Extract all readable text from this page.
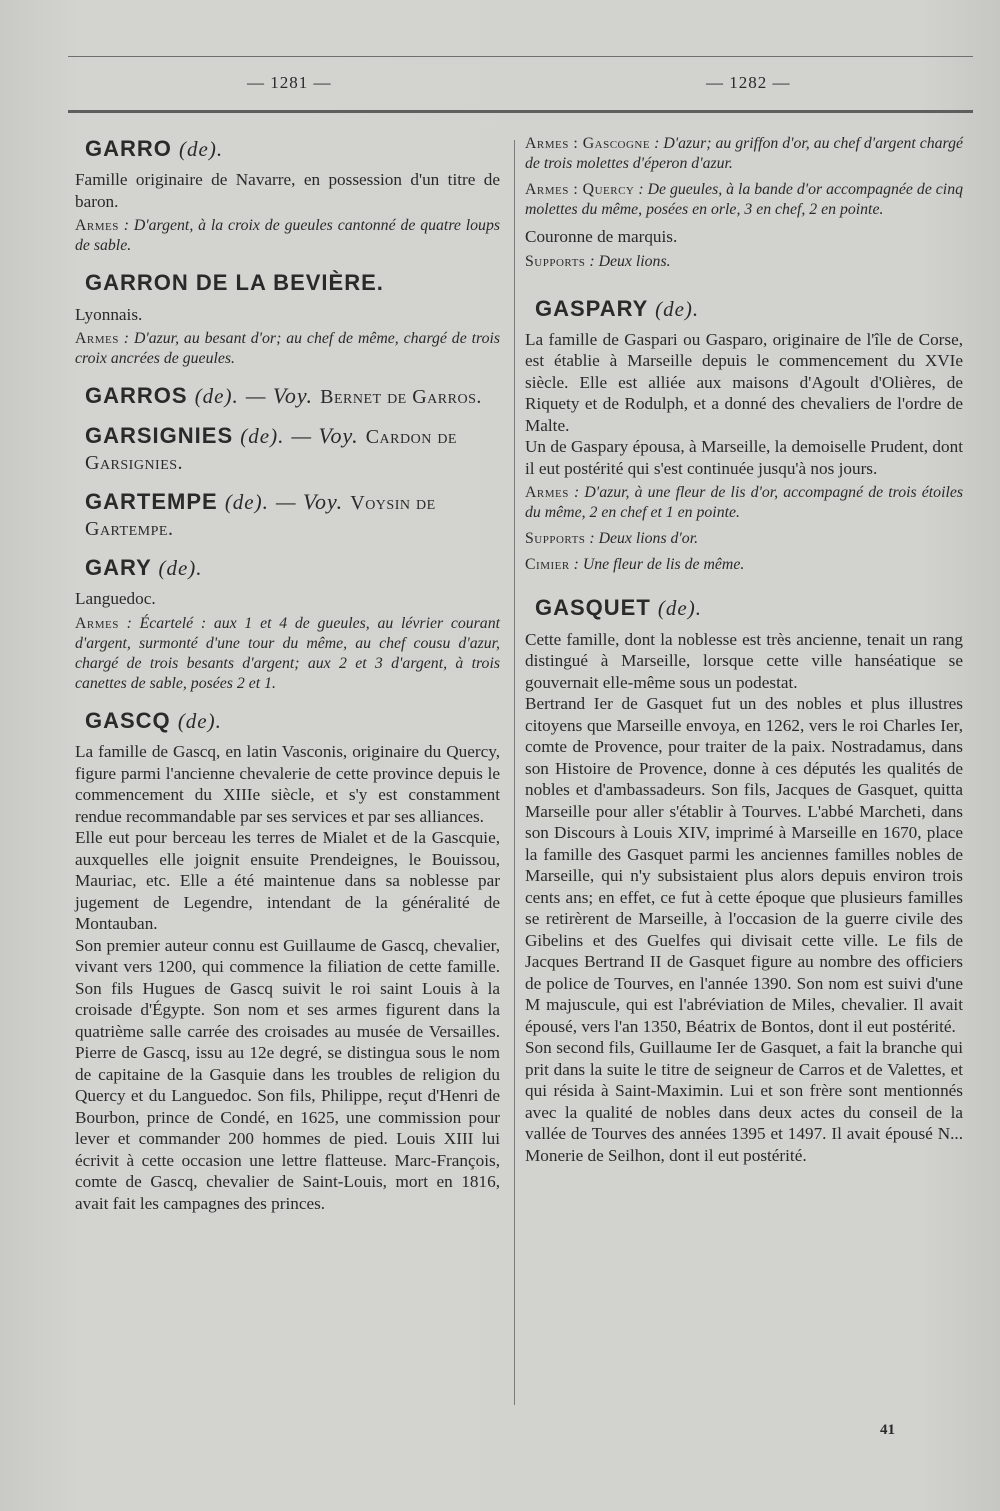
— 1281 —	— 1282 —
GARRO (de).

Famille originaire de Navarre, en possession d'un titre de baron.

Armes : D'argent, à la croix de gueules cantonné de quatre loups de sable.

GARRON DE LA BEVIÈRE.

Lyonnais.

Armes : D'azur, au besant d'or; au chef de même, chargé de trois croix ancrées de gueules.

GARROS (de). — Voy. Bernet de Garros.
GARSIGNIES (de). — Voy. Cardon de Garsignies.
GARTEMPE (de). — Voy. Voysin de Gartempe.
GARY (de).

Languedoc.

Armes : Écartelé : aux 1 et 4 de gueules, au lévrier courant d'argent, surmonté d'une tour du même, au chef cousu d'azur, chargé de trois besants d'argent; aux 2 et 3 d'argent, à trois canettes de sable, posées 2 et 1.

GASCQ (de).

La famille de Gascq, en latin Vasconis, originaire du Quercy, figure parmi l'ancienne chevalerie de cette province depuis le commencement du XIIIe siècle, et s'y est constamment rendue recommandable par ses services et par ses alliances.

Elle eut pour berceau les terres de Mialet et de la Gascquie, auxquelles elle joignit ensuite Prendeignes, le Bouissou, Mauriac, etc. Elle a été maintenue dans sa noblesse par jugement de Legendre, intendant de la généralité de Montauban.

Son premier auteur connu est Guillaume de Gascq, chevalier, vivant vers 1200, qui commence la filiation de cette famille. Son fils Hugues de Gascq suivit le roi saint Louis à la croisade d'Égypte. Son nom et ses armes figurent dans la quatrième salle carrée des croisades au musée de Versailles. Pierre de Gascq, issu au 12e degré, se distingua sous le nom de capitaine de la Gasquie dans les troubles de religion du Quercy et du Languedoc. Son fils, Philippe, reçut d'Henri de Bourbon, prince de Condé, en 1625, une commission pour lever et commander 200 hommes de pied. Louis XIII lui écrivit à cette occasion une lettre flatteuse. Marc-François, comte de Gascq, chevalier de Saint-Louis, mort en 1816, avait fait les campagnes des princes.

Armes : Gascogne : D'azur; au griffon d'or, au chef d'argent chargé de trois molettes d'éperon d'azur.

Armes : Quercy : De gueules, à la bande d'or accompagnée de cinq molettes du même, posées en orle, 3 en chef, 2 en pointe.

Couronne de marquis.

Supports : Deux lions.

GASPARY (de).

La famille de Gaspari ou Gasparo, originaire de l'île de Corse, est établie à Marseille depuis le commencement du XVIe siècle. Elle est alliée aux maisons d'Agoult d'Olières, de Riquety et de Rodulph, et a donné des chevaliers de l'ordre de Malte.

Un de Gaspary épousa, à Marseille, la demoiselle Prudent, dont il eut postérité qui s'est continuée jusqu'à nos jours.

Armes : D'azur, à une fleur de lis d'or, accompagné de trois étoiles du même, 2 en chef et 1 en pointe.

Supports : Deux lions d'or.

Cimier : Une fleur de lis de même.

GASQUET (de).

Cette famille, dont la noblesse est très ancienne, tenait un rang distingué à Marseille, lorsque cette ville hanséatique se gouvernait elle-même sous un podestat.

Bertrand Ier de Gasquet fut un des nobles et plus illustres citoyens que Marseille envoya, en 1262, vers le roi Charles Ier, comte de Provence, pour traiter de la paix. Nostradamus, dans son Histoire de Provence, donne à ces députés les qualités de nobles et d'ambassadeurs. Son fils, Jacques de Gasquet, quitta Marseille pour aller s'établir à Tourves. L'abbé Marcheti, dans son Discours à Louis XIV, imprimé à Marseille en 1670, place la famille des Gasquet parmi les anciennes familles nobles de Marseille, qui n'y subsistaient plus alors depuis environ trois cents ans; en effet, ce fut à cette époque que plusieurs familles se retirèrent de Marseille, à l'occasion de la guerre civile des Gibelins et des Guelfes qui divisait cette ville. Le fils de Jacques Bertrand II de Gasquet figure au nombre des officiers de police de Tourves, en l'année 1390. Son nom est suivi d'une M majuscule, qui est l'abréviation de Miles, chevalier. Il avait épousé, vers l'an 1350, Béatrix de Bontos, dont il eut postérité.

Son second fils, Guillaume Ier de Gasquet, a fait la branche qui prit dans la suite le titre de seigneur de Carros et de Valettes, et qui résida à Saint-Maximin. Lui et son frère sont mentionnés avec la qualité de nobles dans deux actes du conseil de la vallée de Tourves des années 1395 et 1497. Il avait épousé N... Monerie de Seilhon, dont il eut postérité.

41
